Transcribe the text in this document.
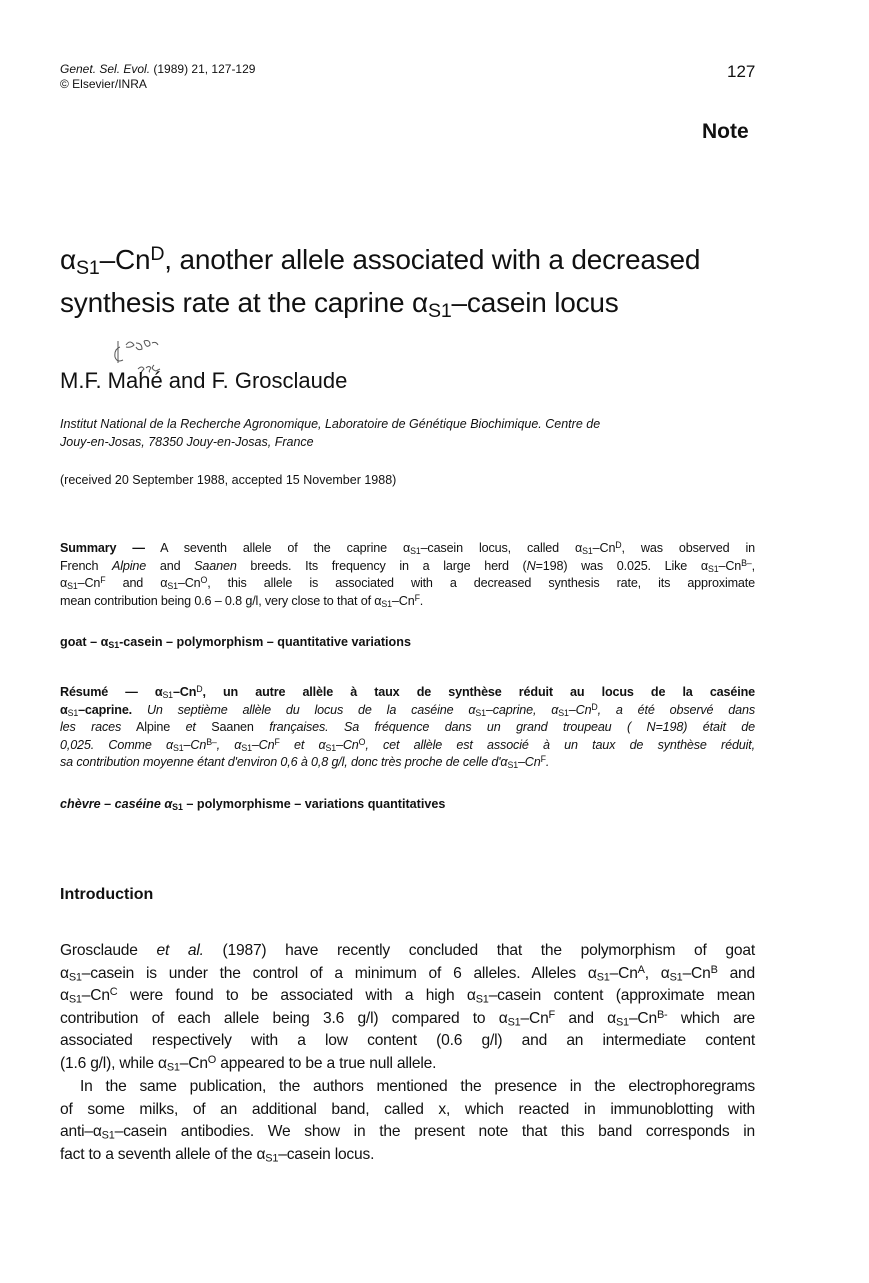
Genet. Sel. Evol. (1989) 21, 127-129
© Elsevier/INRA
127
Note
$\alpha_{S1}-Cn^D$, another allele associated with a decreased
synthesis rate at the caprine $\alpha_{S1}$–casein locus
M.F. Mahé and F. Grosclaude
Institut National de la Recherche Agronomique, Laboratoire de Génétique Biochimique. Centre de
Jouy-en-Josas, 78350 Jouy-en-Josas, France
(received 20 September 1988, accepted 15 November 1988)
Summary — A seventh allele of the caprine $\alpha_{S1}$–casein locus, called $\alpha_{S1}-Cn^D$, was observed in
French Alpine and Saanen breeds. Its frequency in a large herd (N=198) was 0.025. Like $\alpha_{S1}-Cn^{B-}$,
$\alpha_{S1}-Cn^F$ and $\alpha_{S1}-Cn^O$, this allele is associated with a decreased synthesis rate, its approximate
mean contribution being 0.6 – 0.8 g/l, very close to that of $\alpha_{S1}-Cn^F$.
goat – $\alpha_{S1}$-casein – polymorphism – quantitative variations
Résumé — $\alpha_{S1}-Cn^D$, un autre allèle à taux de synthèse réduit au locus de la caséine
$\alpha_{S1}$–caprine. Un septième allèle du locus de la caséine $\alpha_{S1}$–caprine, $\alpha_{S1}-Cn^D$, a été observé dans
les races Alpine et Saanen françaises. Sa fréquence dans un grand troupeau ( N=198) était de
0,025. Comme $\alpha_{S1}-Cn^{B-}$, $\alpha_{S1}-Cn^F$ et $\alpha_{S1}-Cn^O$, cet allèle est associé à un taux de synthèse réduit,
sa contribution moyenne étant d'environ 0,6 à 0,8 g/l, donc très proche de celle $d'\alpha_{S1}-Cn^F$.
chèvre – caséine $\alpha_{S1}$ – polymorphisme – variations quantitatives
Introduction
Grosclaude et al. (1987) have recently concluded that the polymorphism of goat
$\alpha_{S1}$–casein is under the control of a minimum of 6 alleles. Alleles $\alpha_{S1}-Cn^A$, $\alpha_{S1}-Cn^B$ and
$\alpha_{S1}-Cn^C$ were found to be associated with a high $\alpha_{S1}$–casein content (approximate mean
contribution of each allele being 3.6 g/l) compared to $\alpha_{S1}-Cn^F$ and $\alpha_{S1}-Cn^{B-}$ which are
associated respectively with a low content (0.6 g/l) and an intermediate content
(1.6 g/l), while $\alpha_{S1}-Cn^O$ appeared to be a true null allele.
In the same publication, the authors mentioned the presence in the electrophoregrams
of some milks, of an additional band, called x, which reacted in immunoblotting with
anti–$\alpha_{S1}$–casein antibodies. We show in the present note that this band corresponds in
fact to a seventh allele of the $\alpha_{S1}$–casein locus.
